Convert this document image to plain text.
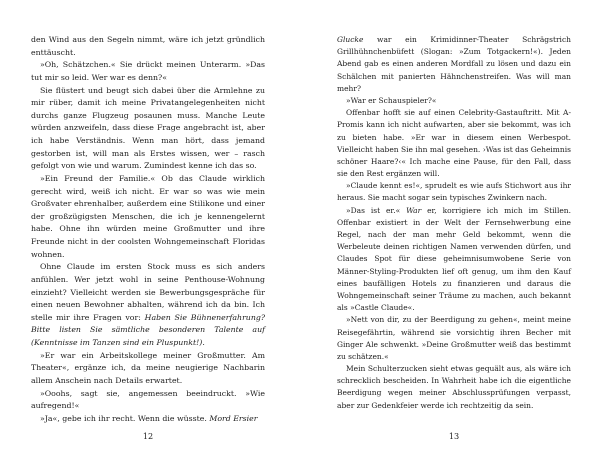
den Wind aus den Segeln nimmt, wäre ich jetzt gründlich enttäuscht.

»Oh, Schätzchen.« Sie drückt meinen Unterarm. »Das tut mir so leid. Wer war es denn?«

Sie flüstert und beugt sich dabei über die Armlehne zu mir rüber, damit ich meine Privatangelegenheiten nicht durchs ganze Flugzeug posaunen muss. Manche Leute würden anzweifeln, dass diese Frage angebracht ist, aber ich habe Verständnis. Wenn man hört, dass jemand gestorben ist, will man als Erstes wissen, wer – rasch gefolgt von wie und warum. Zumindest kenne ich das so.

»Ein Freund der Familie.« Ob das Claude wirklich gerecht wird, weiß ich nicht. Er war so was wie mein Großvater ehrenhalber, außerdem eine Stilikone und einer der großzügigsten Menschen, die ich je kennengelernt habe. Ohne ihn würden meine Großmutter und ihre Freunde nicht in der coolsten Wohngemeinschaft Floridas wohnen.

Ohne Claude im ersten Stock muss es sich anders anfühlen. Wer jetzt wohl in seine Penthouse-Wohnung einzieht? Vielleicht werden sie Bewerbungsgespräche für einen neuen Bewohner abhalten, während ich da bin. Ich stelle mir ihre Fragen vor: Haben Sie Bühnenerfahrung? Bitte listen Sie sämtliche besonderen Talente auf (Kenntnisse im Tanzen sind ein Pluspunkt!).

»Er war ein Arbeitskollege meiner Großmutter. Am Theater«, ergänze ich, da meine neugierige Nachbarin allem Anschein nach Details erwartet.

»Ooohs, sagt sie, angemessen beeindruckt. »Wie aufregend!«

»Ja«, gebe ich ihr recht. Wenn die wüsste. Mord Ersier

12

Glucke war ein Krimidinner-Theater Schrägstrich Grillhühnchenbüfett (Slogan: »Zum Totgackern!«). Jeden Abend gab es einen anderen Mordfall zu lösen und dazu ein Schälchen mit panierten Hähnchenstreifen. Was will man mehr?

»War er Schauspieler?«

Offenbar hofft sie auf einen Celebrity-Gastauftritt. Mit A-Promis kann ich nicht aufwarten, aber sie bekommt, was ich zu bieten habe. »Er war in diesem einen Werbespot. Vielleicht haben Sie ihn mal gesehen. ›Was ist das Geheimnis schöner Haare?‹« Ich mache eine Pause, für den Fall, dass sie den Rest ergänzen will.

»Claude kennt es!«, sprudelt es wie aufs Stichwort aus ihr heraus. Sie macht sogar sein typisches Zwinkern nach.

»Das ist er.« War er, korrigiere ich mich im Stillen. Offenbar existiert in der Welt der Fernsehwerbung eine Regel, nach der man mehr Geld bekommt, wenn die Werbeleute deinen richtigen Namen verwenden dürfen, und Claudes Spot für diese geheimnisumwobene Serie von Männer-Styling-Produkten lief oft genug, um ihm den Kauf eines baufälligen Hotels zu finanzieren und daraus die Wohngemeinschaft seiner Träume zu machen, auch bekannt als »Castle Claude«.

»Nett von dir, zu der Beerdigung zu gehen«, meint meine Reisegefährtin, während sie vorsichtig ihren Becher mit Ginger Ale schwenkt. »Deine Großmutter weiß das bestimmt zu schätzen.«

Mein Schulterzucken sieht etwas gequält aus, als wäre ich schrecklich bescheiden. In Wahrheit habe ich die eigentliche Beerdigung wegen meiner Abschlussprüfungen verpasst, aber zur Gedenkfeier werde ich rechtzeitig da sein.

13
